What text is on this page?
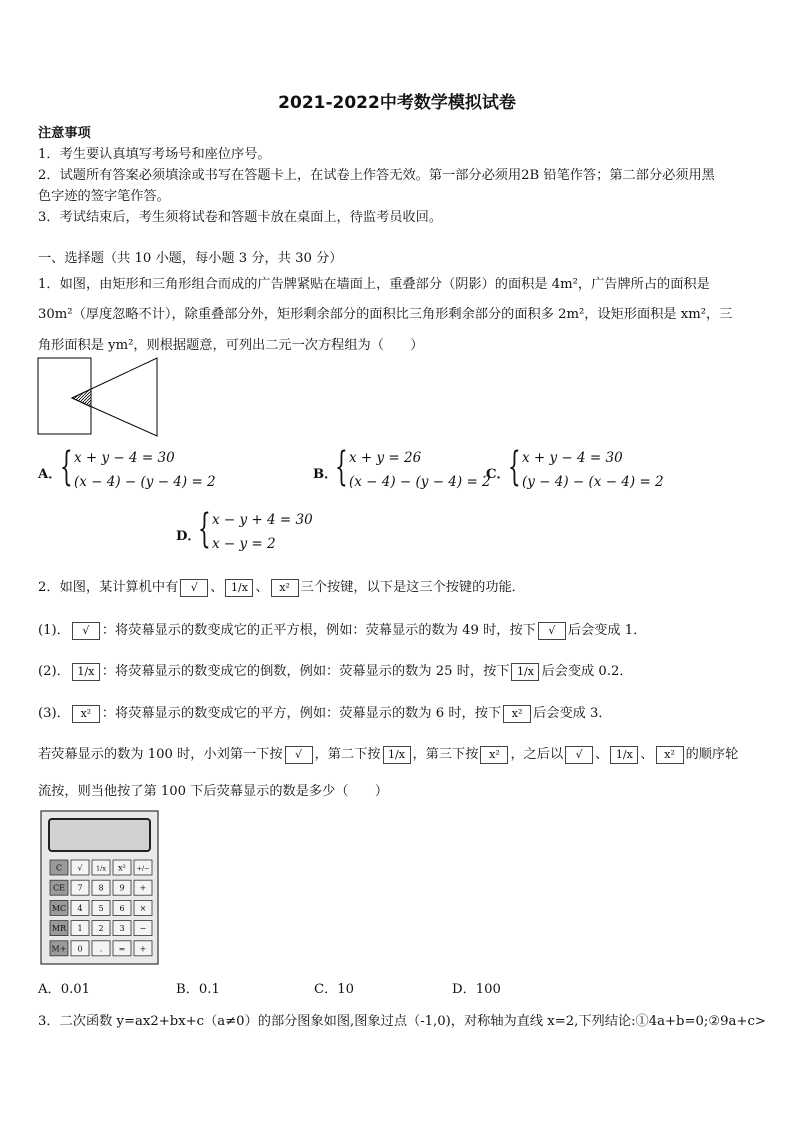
2021-2022中考数学模拟试卷
注意事项
1．考生要认真填写考场号和座位序号。
2．试题所有答案必须填涂或书写在答题卡上，在试卷上作答无效。第一部分必须用2B 铅笔作答；第二部分必须用黑
色字迹的签字笔作答。
3．考试结束后，考生须将试卷和答题卡放在桌面上，待监考员收回。
一、选择题（共 10 小题，每小题 3 分，共 30 分）
1．如图，由矩形和三角形组合而成的广告牌紧贴在墙面上，重叠部分（阴影）的面积是 4m²，广告牌所占的面积是
30m²（厚度忽略不计），除重叠部分外，矩形剩余部分的面积比三角形剩余部分的面积多 2m²，设矩形面积是 xm²，三
角形面积是 ym²，则根据题意，可列出二元一次方程组为（　　）
A．
{ x + y − 4 = 30
(x − 4) − (y − 4) = 2	B．
{ x + y = 26
(x − 4) − (y − 4) = 2
C．
{ x + y − 4 = 30
(y − 4) − (x − 4) = 2
D．
{ x − y + 4 = 30
x − y = 2
2．如图，某计算机中有 √ 、 1/x 、 x² 三个按键，以下是这三个按键的功能．
(1)． √ ：将荧幕显示的数变成它的正平方根，例如：荧幕显示的数为 49 时，按下 √ 后会变成 1．
(2)． 1/x ：将荧幕显示的数变成它的倒数，例如：荧幕显示的数为 25 时，按下 1/x 后会变成 0.2．
(3)． x² ：将荧幕显示的数变成它的平方，例如：荧幕显示的数为 6 时，按下 x² 后会变成 3．
若荧幕显示的数为 100 时，小刘第一下按 √ ，第二下按 1/x ，第三下按 x² ，之后以 √ 、 1/x 、 x² 的顺序轮
流按，则当他按了第 100 下后荧幕显示的数是多少（　　）
C √ 1/x x² +/−
CE 7 8 9 +
MC 4 5 6 ×
MR 1 2 3 −
M+ 0 . = +
A．0.01	B．0.1	C．10	D．100
3．二次函数 y=ax2+bx+c（a≠0）的部分图象如图,图象过点（-1,0)，对称轴为直线 x=2,下列结论:①4a+b=0;②9a+c>
